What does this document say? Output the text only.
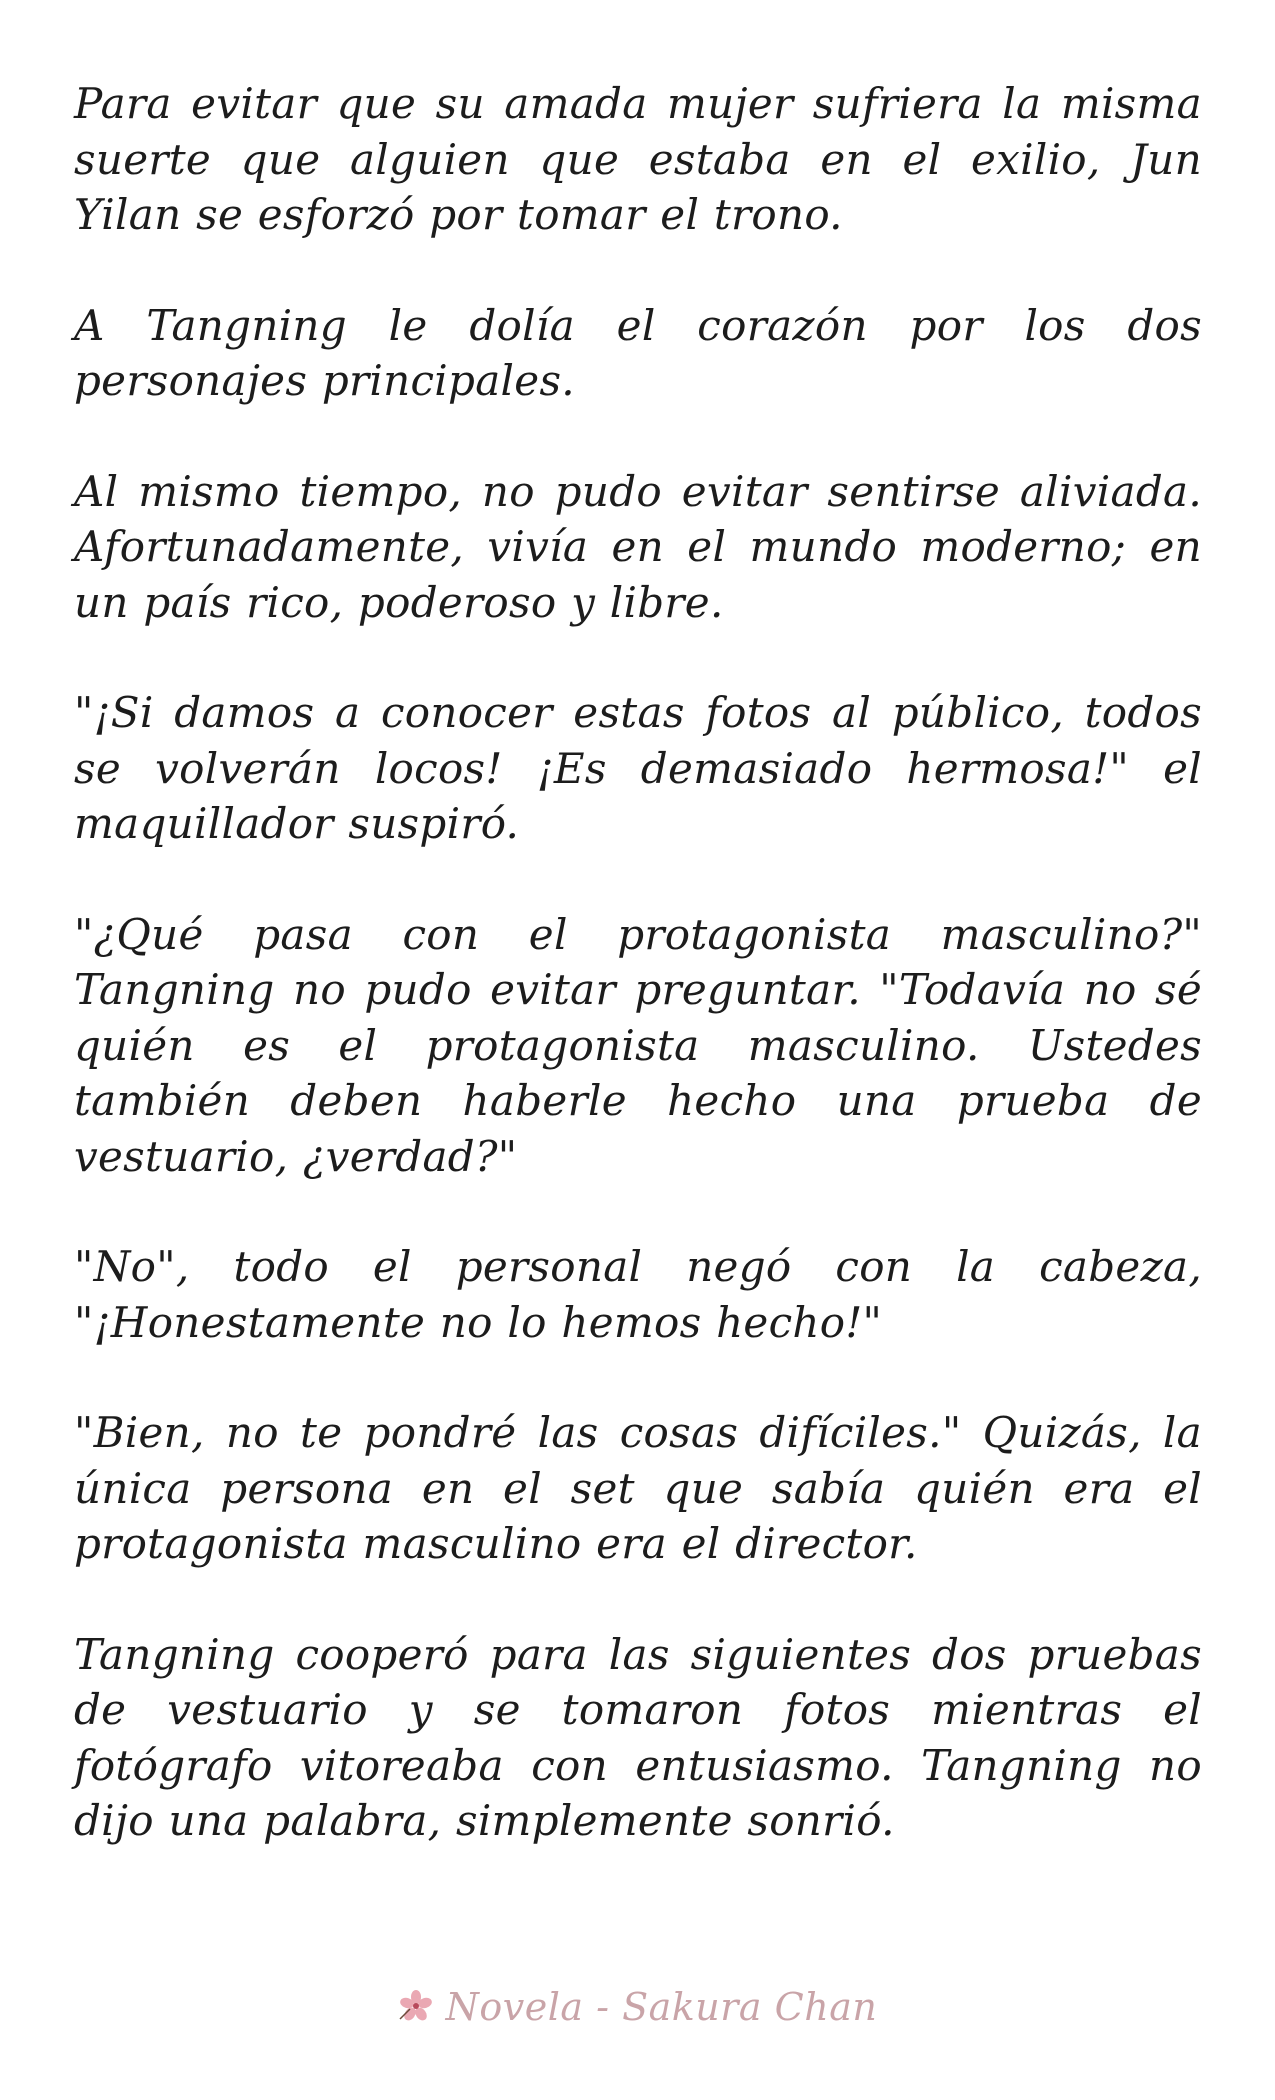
Para evitar que su amada mujer sufriera la misma suerte que alguien que estaba en el exilio, Jun Yilan se esforzó por tomar el trono.

A Tangning le dolía el corazón por los dos personajes principales.

Al mismo tiempo, no pudo evitar sentirse aliviada. Afortunadamente, vivía en el mundo moderno; en un país rico, poderoso y libre.

"¡Si damos a conocer estas fotos al público, todos se volverán locos! ¡Es demasiado hermosa!" el maquillador suspiró.

"¿Qué pasa con el protagonista masculino?" Tangning no pudo evitar preguntar. "Todavía no sé quién es el protagonista masculino. Ustedes también deben haberle hecho una prueba de vestuario, ¿verdad?"

"No", todo el personal negó con la cabeza, "¡Honestamente no lo hemos hecho!"

"Bien, no te pondré las cosas difíciles." Quizás, la única persona en el set que sabía quién era el protagonista masculino era el director.

Tangning cooperó para las siguientes dos pruebas de vestuario y se tomaron fotos mientras el fotógrafo vitoreaba con entusiasmo. Tangning no dijo una palabra, simplemente sonrió.

Novela - Sakura Chan
